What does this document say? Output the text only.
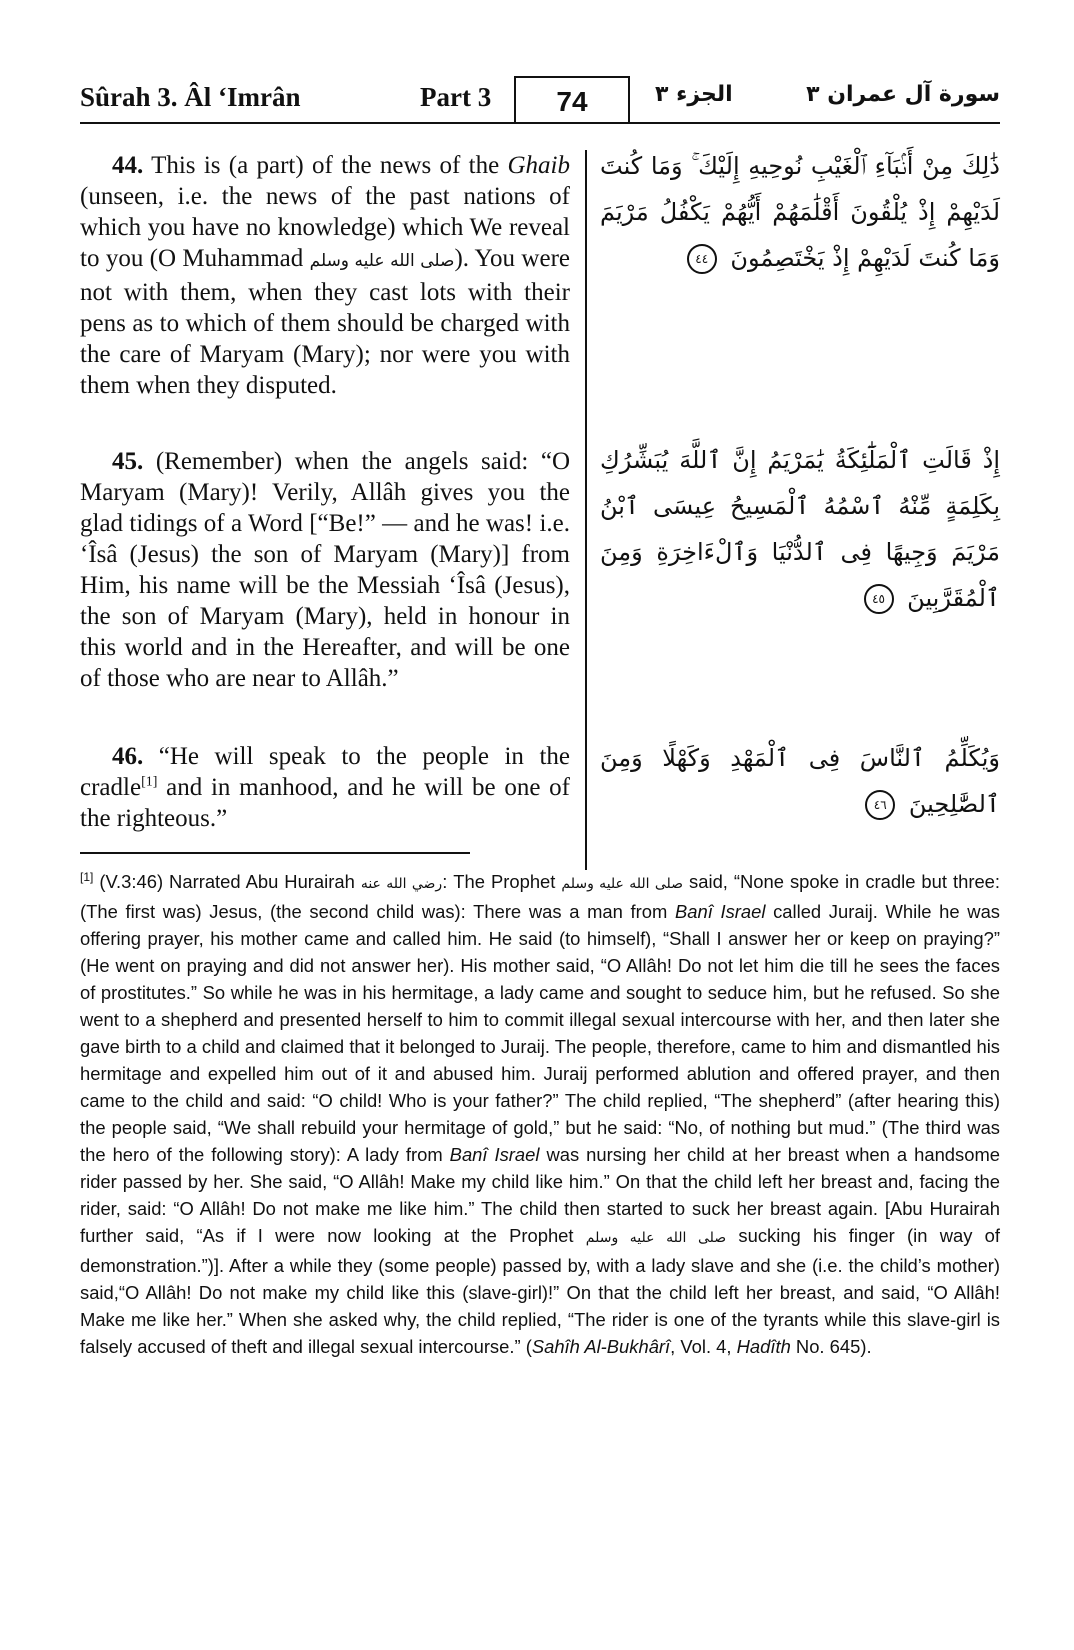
Sûrah 3. Âl ‘Imrân	Part 3	74	الجزء ٣	سورة آل عمران ٣

44. This is (a part) of the news of the Ghaib (unseen, i.e. the news of the past nations of which you have no knowledge) which We reveal to you (O Muhammad صلى الله عليه وسلم). You were not with them, when they cast lots with their pens as to which of them should be charged with the care of Maryam (Mary); nor were you with them when they disputed.

ذَٰلِكَ مِنْ أَنۢبَآءِ ٱلْغَيْبِ نُوحِيهِ إِلَيْكَ ۚ وَمَا كُنتَ لَدَيْهِمْ إِذْ يُلْقُونَ أَقْلَٰمَهُمْ أَيُّهُمْ يَكْفُلُ مَرْيَمَ وَمَا كُنتَ لَدَيْهِمْ إِذْ يَخْتَصِمُونَ ٤٤

45. (Remember) when the angels said: “O Maryam (Mary)! Verily, Allâh gives you the glad tidings of a Word [“Be!” — and he was! i.e. ‘Îsâ (Jesus) the son of Maryam (Mary)] from Him, his name will be the Messiah ‘Îsâ (Jesus), the son of Maryam (Mary), held in honour in this world and in the Hereafter, and will be one of those who are near to Allâh.”

إِذْ قَالَتِ ٱلْمَلَٰٓئِكَةُ يَٰمَرْيَمُ إِنَّ ٱللَّهَ يُبَشِّرُكِ بِكَلِمَةٍ مِّنْهُ ٱسْمُهُ ٱلْمَسِيحُ عِيسَى ٱبْنُ مَرْيَمَ وَجِيهًا فِى ٱلدُّنْيَا وَٱلْءَاخِرَةِ وَمِنَ ٱلْمُقَرَّبِينَ ٤٥

46. “He will speak to the people in the cradle[1] and in manhood, and he will be one of the righteous.”

وَيُكَلِّمُ ٱلنَّاسَ فِى ٱلْمَهْدِ وَكَهْلًا وَمِنَ ٱلصَّٰلِحِينَ ٤٦

[1] (V.3:46) Narrated Abu Hurairah رضي الله عنه: The Prophet صلى الله عليه وسلم said, “None spoke in cradle but three:(The first was) Jesus, (the second child was): There was a man from Banî Israel called Juraij. While he was offering prayer, his mother came and called him. He said (to himself), “Shall I answer her or keep on praying?” (He went on praying and did not answer her). His mother said, “O Allâh! Do not let him die till he sees the faces of prostitutes.” So while he was in his hermitage, a lady came and sought to seduce him, but he refused. So she went to a shepherd and presented herself to him to commit illegal sexual intercourse with her, and then later she gave birth to a child and claimed that it belonged to Juraij. The people, therefore, came to him and dismantled his hermitage and expelled him out of it and abused him. Juraij performed ablution and offered prayer, and then came to the child and said: “O child! Who is your father?” The child replied, “The shepherd” (after hearing this) the people said, “We shall rebuild your hermitage of gold,” but he said: “No, of nothing but mud.” (The third was the hero of the following story): A lady from Banî Israel was nursing her child at her breast when a handsome rider passed by her. She said, “O Allâh! Make my child like him.” On that the child left her breast and, facing the rider, said: “O Allâh! Do not make me like him.” The child then started to suck her breast again. [Abu Hurairah further said, “As if I were now looking at the Prophet صلى الله عليه وسلم sucking his finger (in way of demonstration.”)]. After a while they (some people) passed by, with a lady slave and she (i.e. the child’s mother) said,“O Allâh! Do not make my child like this (slave-girl)!” On that the child left her breast, and said, “O Allâh! Make me like her.” When she asked why, the child replied, “The rider is one of the tyrants while this slave-girl is falsely accused of theft and illegal sexual intercourse.” (Sahîh Al-Bukhârî, Vol. 4, Hadîth No. 645).
